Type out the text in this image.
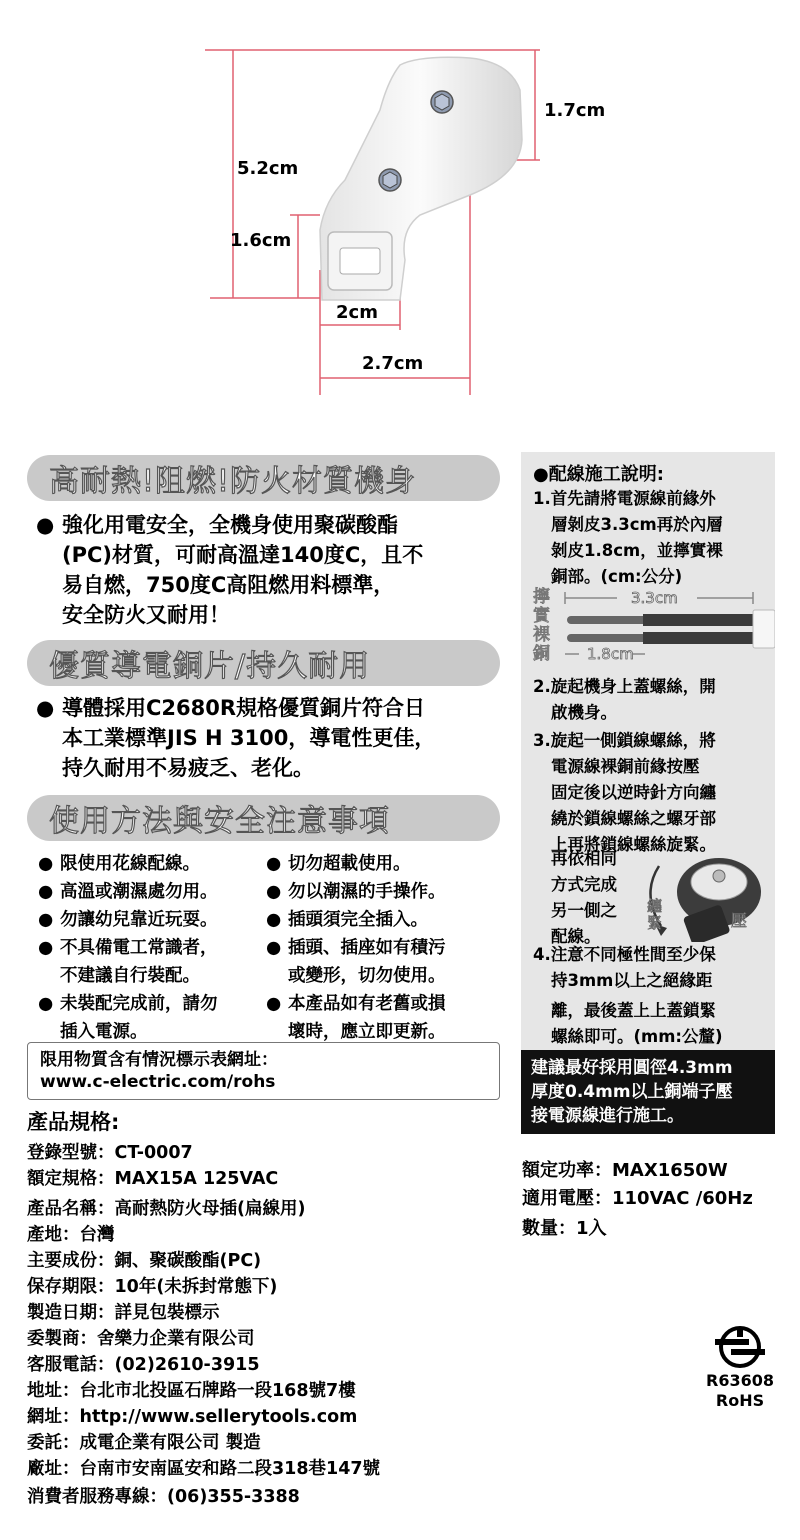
5.2cm
1.7cm
1.6cm
2cm
2.7cm
高耐熱!阻燃!防火材質機身
● 強化用電安全，全機身使用聚碳酸酯
(PC)材質，可耐高溫達140度C，且不
易自燃，750度C高阻燃用料標準，
安全防火又耐用！
優質導電銅片/持久耐用
● 導體採用C2680R規格優質銅片符合日
本工業標準JIS H 3100，導電性更佳，
持久耐用不易疲乏、老化。
使用方法與安全注意事項
● 限使用花線配線。
● 高溫或潮濕處勿用。
● 勿讓幼兒靠近玩耍。
● 不具備電工常識者，
不建議自行裝配。
● 未裝配完成前，請勿
插入電源。
● 切勿超載使用。
● 勿以潮濕的手操作。
● 插頭須完全插入。
● 插頭、插座如有積污
或變形，切勿使用。
● 本產品如有老舊或損
壞時，應立即更新。
限用物質含有情況標示表網址：
www.c-electric.com/rohs
產品規格:
登錄型號：CT-0007
額定規格：MAX15A 125VAC
產品名稱：高耐熱防火母插(扁線用)
產地：台灣
主要成份：銅、聚碳酸酯(PC)
保存期限：10年(未拆封常態下)
製造日期：詳見包裝標示
委製商：舍樂力企業有限公司
客服電話：(02)2610-3915
地址：台北市北投區石牌路一段168號7樓
網址：http://www.sellerytools.com
委託：成電企業有限公司 製造
廠址：台南市安南區安和路二段318巷147號
消費者服務專線：(06)355-3388
●配線施工說明:
1.首先請將電源線前緣外
層剝皮3.3cm再於內層
剝皮1.8cm，並擰實裸
銅部。(cm:公分)
擰實裸銅
3.3cm
1.8cm
2.旋起機身上蓋螺絲，開
啟機身。
3.旋起一側鎖線螺絲，將
電源線裸銅前緣按壓
固定後以逆時針方向纏
繞於鎖線螺絲之螺牙部
上再將鎖線螺絲旋緊。
再依相同
方式完成
另一側之
配線。
纏緊	壓
4.注意不同極性間至少保
持3mm以上之絕緣距
離，最後蓋上上蓋鎖緊
螺絲即可。(mm:公釐)
建議最好採用圓徑4.3mm
厚度0.4mm以上銅端子壓
接電源線進行施工。
額定功率：MAX1650W
適用電壓：110VAC /60Hz
數量：1入
R63608
RoHS
